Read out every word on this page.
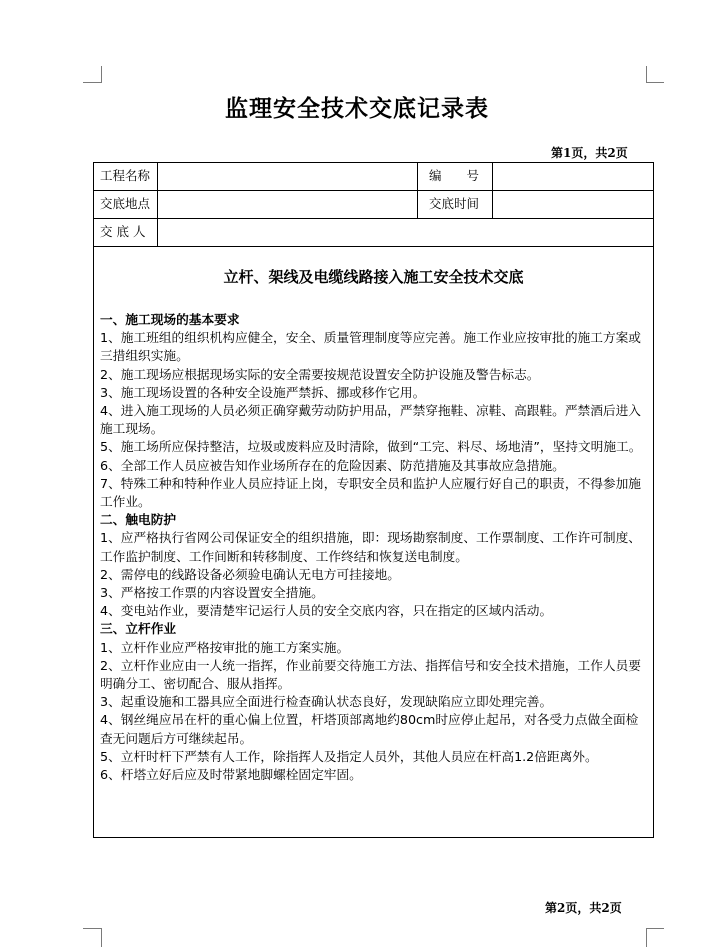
监理安全技术交底记录表
第1页，共2页
工程名称	编　　号
交底地点	交底时间
交 底 人
立杆、架线及电缆线路接入施工安全技术交底
一、施工现场的基本要求
1、施工班组的组织机构应健全，安全、质量管理制度等应完善。施工作业应按审批的施工方案或三措组织实施。
2、施工现场应根据现场实际的安全需要按规范设置安全防护设施及警告标志。
3、施工现场设置的各种安全设施严禁拆、挪或移作它用。
4、进入施工现场的人员必须正确穿戴劳动防护用品，严禁穿拖鞋、凉鞋、高跟鞋。严禁酒后进入施工现场。
5、施工场所应保持整洁，垃圾或废料应及时清除，做到“工完、料尽、场地清”，坚持文明施工。
6、全部工作人员应被告知作业场所存在的危险因素、防范措施及其事故应急措施。
7、特殊工种和特种作业人员应持证上岗，专职安全员和监护人应履行好自己的职责，不得参加施工作业。
二、触电防护
1、应严格执行省网公司保证安全的组织措施，即：现场勘察制度、工作票制度、工作许可制度、工作监护制度、工作间断和转移制度、工作终结和恢复送电制度。
2、需停电的线路设备必须验电确认无电方可挂接地。
3、严格按工作票的内容设置安全措施。
4、变电站作业，要清楚牢记运行人员的安全交底内容，只在指定的区域内活动。
三、立杆作业
1、立杆作业应严格按审批的施工方案实施。
2、立杆作业应由一人统一指挥，作业前要交待施工方法、指挥信号和安全技术措施，工作人员要明确分工、密切配合、服从指挥。
3、起重设施和工器具应全面进行检查确认状态良好，发现缺陷应立即处理完善。
4、钢丝绳应吊在杆的重心偏上位置，杆塔顶部离地约80cm时应停止起吊，对各受力点做全面检查无问题后方可继续起吊。
5、立杆时杆下严禁有人工作，除指挥人及指定人员外，其他人员应在杆高1.2倍距离外。
6、杆塔立好后应及时带紧地脚螺栓固定牢固。
第2页，共2页
